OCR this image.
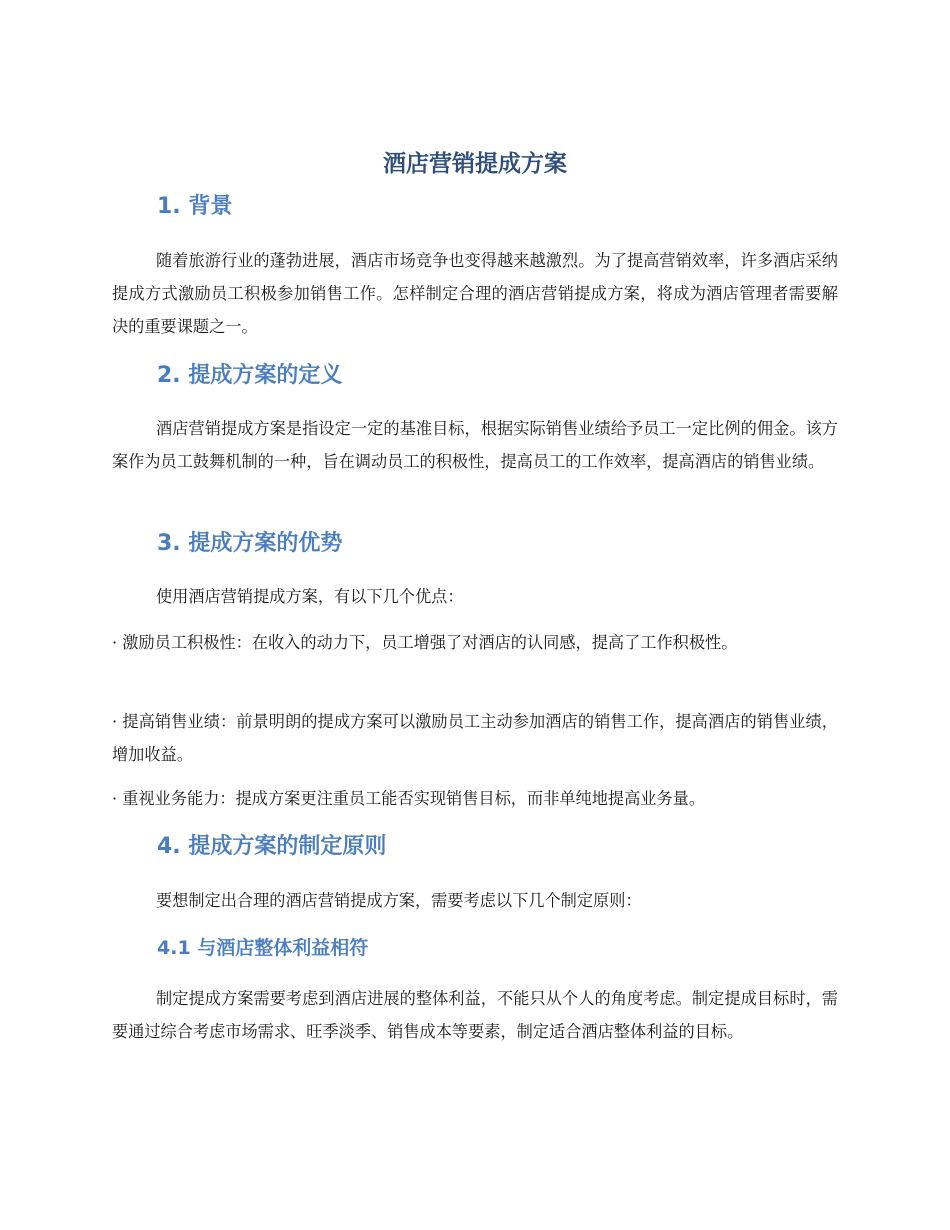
酒店营销提成方案
1. 背景

随着旅游行业的蓬勃进展，酒店市场竞争也变得越来越激烈。为了提高营销效率，许多酒店采纳提成方式激励员工积极参加销售工作。怎样制定合理的酒店营销提成方案，将成为酒店管理者需要解决的重要课题之一。

2. 提成方案的定义

酒店营销提成方案是指设定一定的基准目标，根据实际销售业绩给予员工一定比例的佣金。该方案作为员工鼓舞机制的一种，旨在调动员工的积极性，提高员工的工作效率，提高酒店的销售业绩。

3. 提成方案的优势

使用酒店营销提成方案，有以下几个优点：

· 激励员工积极性：在收入的动力下，员工增强了对酒店的认同感，提高了工作积极性。

· 提高销售业绩：前景明朗的提成方案可以激励员工主动参加酒店的销售工作，提高酒店的销售业绩，增加收益。

· 重视业务能力：提成方案更注重员工能否实现销售目标，而非单纯地提高业务量。

4. 提成方案的制定原则

要想制定出合理的酒店营销提成方案，需要考虑以下几个制定原则：

4.1 与酒店整体利益相符

制定提成方案需要考虑到酒店进展的整体利益，不能只从个人的角度考虑。制定提成目标时，需要通过综合考虑市场需求、旺季淡季、销售成本等要素，制定适合酒店整体利益的目标。
